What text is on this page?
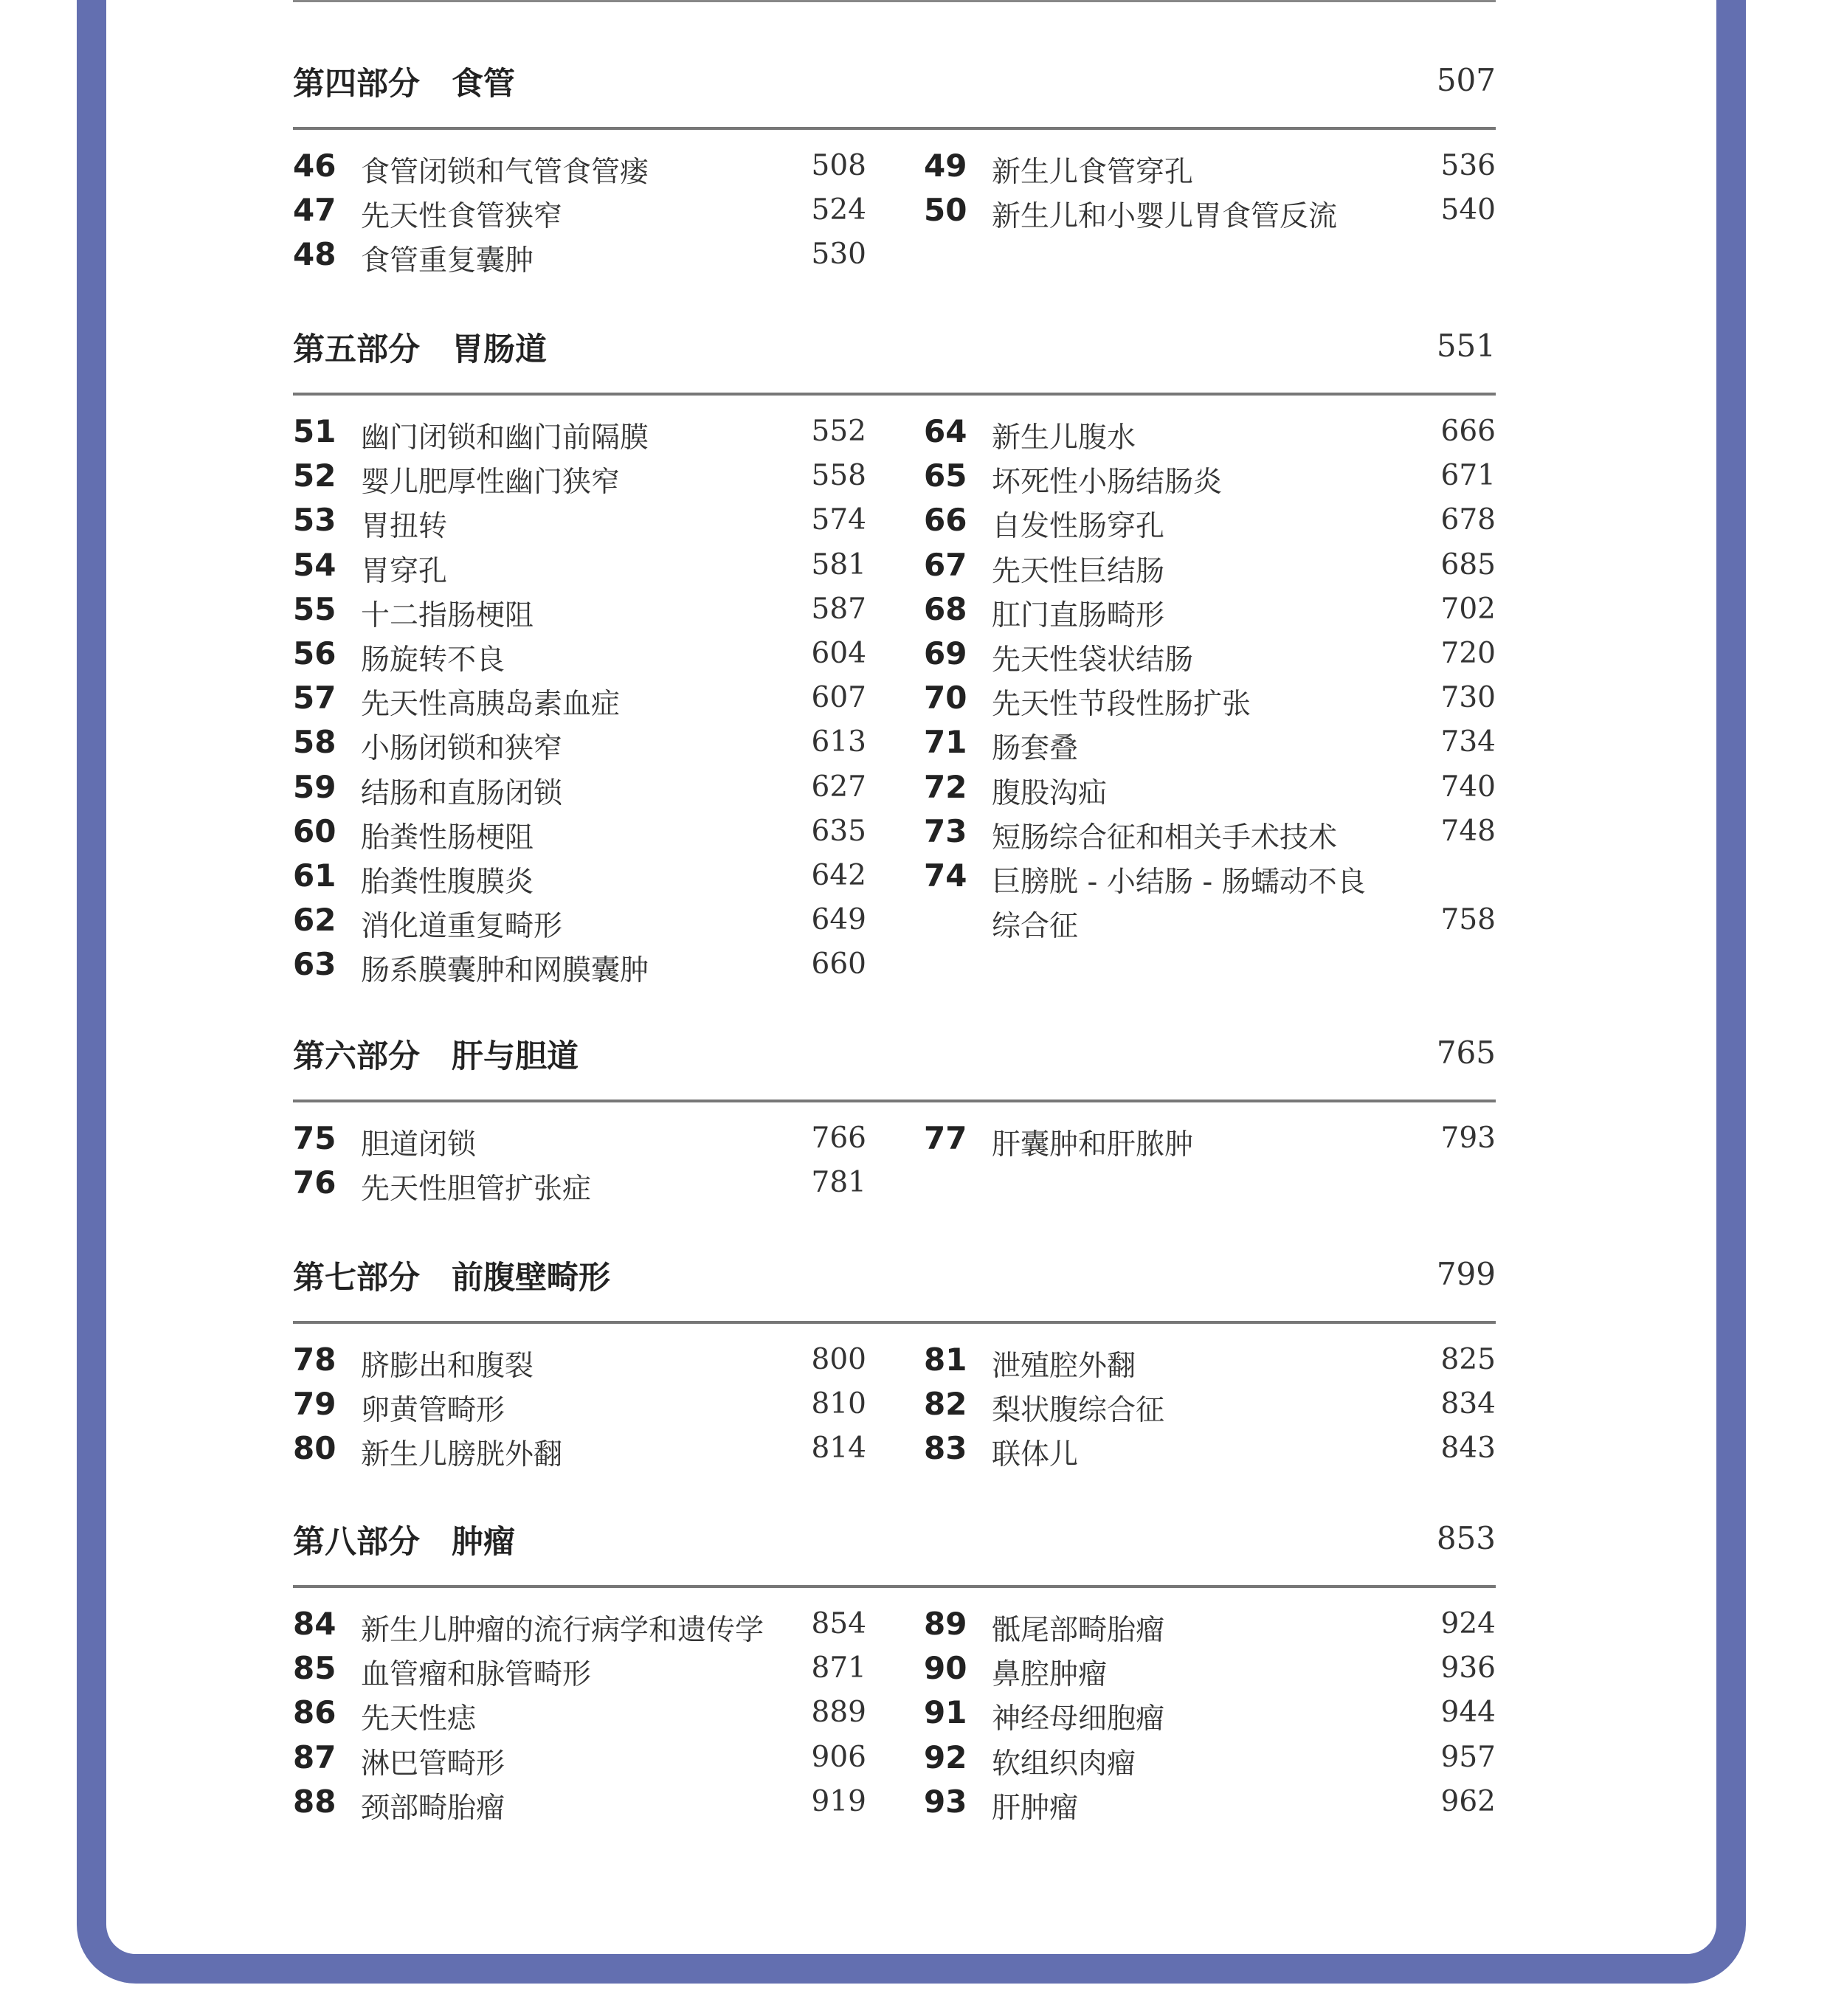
第四部分　食管	507
46 食管闭锁和气管食管瘘	508
47 先天性食管狭窄	524
48 食管重复囊肿	530
49 新生儿食管穿孔	536
50 新生儿和小婴儿胃食管反流	540
第五部分　胃肠道	551
51 幽门闭锁和幽门前隔膜	552
52 婴儿肥厚性幽门狭窄	558
53 胃扭转	574
54 胃穿孔	581
55 十二指肠梗阻	587
56 肠旋转不良	604
57 先天性高胰岛素血症	607
58 小肠闭锁和狭窄	613
59 结肠和直肠闭锁	627
60 胎粪性肠梗阻	635
61 胎粪性腹膜炎	642
62 消化道重复畸形	649
63 肠系膜囊肿和网膜囊肿	660
64 新生儿腹水	666
65 坏死性小肠结肠炎	671
66 自发性肠穿孔	678
67 先天性巨结肠	685
68 肛门直肠畸形	702
69 先天性袋状结肠	720
70 先天性节段性肠扩张	730
71 肠套叠	734
72 腹股沟疝	740
73 短肠综合征和相关手术技术	748
74 巨膀胱 - 小结肠 - 肠蠕动不良
综合征	758
第六部分　肝与胆道	765
75 胆道闭锁	766
76 先天性胆管扩张症	781
77 肝囊肿和肝脓肿	793
第七部分　前腹壁畸形	799
78 脐膨出和腹裂	800
79 卵黄管畸形	810
80 新生儿膀胱外翻	814
81 泄殖腔外翻	825
82 梨状腹综合征	834
83 联体儿	843
第八部分　肿瘤	853
84 新生儿肿瘤的流行病学和遗传学 854
85 血管瘤和脉管畸形	871
86 先天性痣	889
87 淋巴管畸形	906
88 颈部畸胎瘤	919
89 骶尾部畸胎瘤	924
90 鼻腔肿瘤	936
91 神经母细胞瘤	944
92 软组织肉瘤	957
93 肝肿瘤	962
